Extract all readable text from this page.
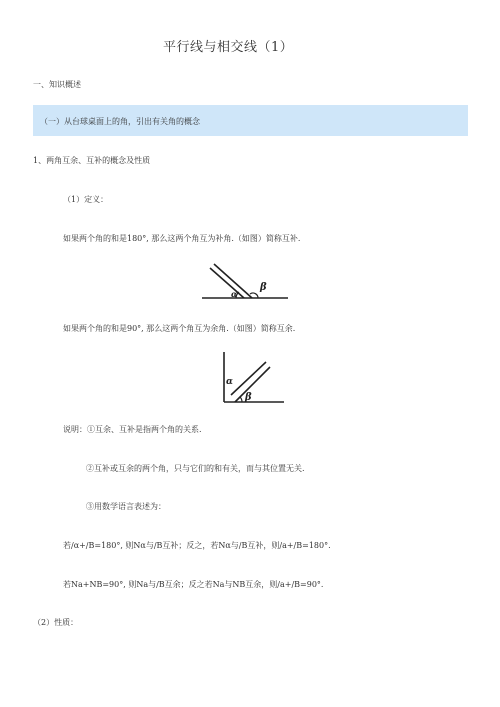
平行线与相交线（1）
一、知识概述
（一）从台球桌面上的角，引出有关角的概念
1、两角互余、互补的概念及性质
（1）定义：
如果两个角的和是180°, 那么这两个角互为补角.（如图）简称互补.
α
β
如果两个角的和是90°, 那么这两个角互为余角.（如图）简称互余.
α
β
说明：①互余、互补是指两个角的关系.
②互补或互余的两个角，只与它们的和有关，而与其位置无关.
③用数学语言表述为：
若/α+/B=180°, 则Nα与/B互补；反之，若Nα与/B互补，则/a+/B=180°.
若Na+NB=90°, 则Na与/B互余；反之若Na与NB互余，则/a+/B=90°.
（2）性质：
